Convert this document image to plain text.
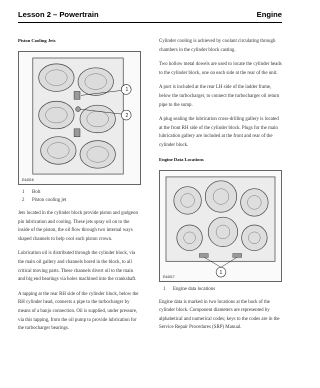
Lesson 2 – Powertrain	Engine
Piston Cooling Jets
1
2
E44016
1	Bolt
2	Piston cooling jet

Jets located in the cylinder block provide piston and gudgeon pin lubrication and cooling. These jets spray oil on to the inside of the piston, the oil flow through two internal ways shaped channels to help cool each piston crown.

Lubrication oil is distributed through the cylinder block, via the main oil gallery and channels bored in the block, to all critical moving parts. These channels divert oil to the main and big end bearings via holes machined into the crankshaft.

A tapping at the rear RH side of the cylinder block, below the RH cylinder head, connects a pipe to the turbocharger by means of a banjo connection. Oil is supplied, under pressure, via this tapping, from the oil pump to provide lubrication for the turbocharger bearings.

Cylinder cooling is achieved by coolant circulating through chambers in the cylinder block casting.

Two hollow metal dowels are used to locate the cylinder heads to the cylinder block, one on each side at the rear of the unit.

A port is included at the rear LH side of the ladder frame, below the turbocharger, to connect the turbocharger oil return pipe to the sump.

A plug sealing the lubrication cross-drilling gallery is located at the front RH side of the cylinder block. Plugs for the main lubrication gallery are included at the front and rear of the cylinder block.

Engine Data Locations
1
E44017
1	Engine data locations

Engine data is marked in two locations at the back of the cylinder block. Component diameters are represented by alphabetical and numerical codes; keys to the codes are in the Service Repair Procedures (SRP) Manual.
